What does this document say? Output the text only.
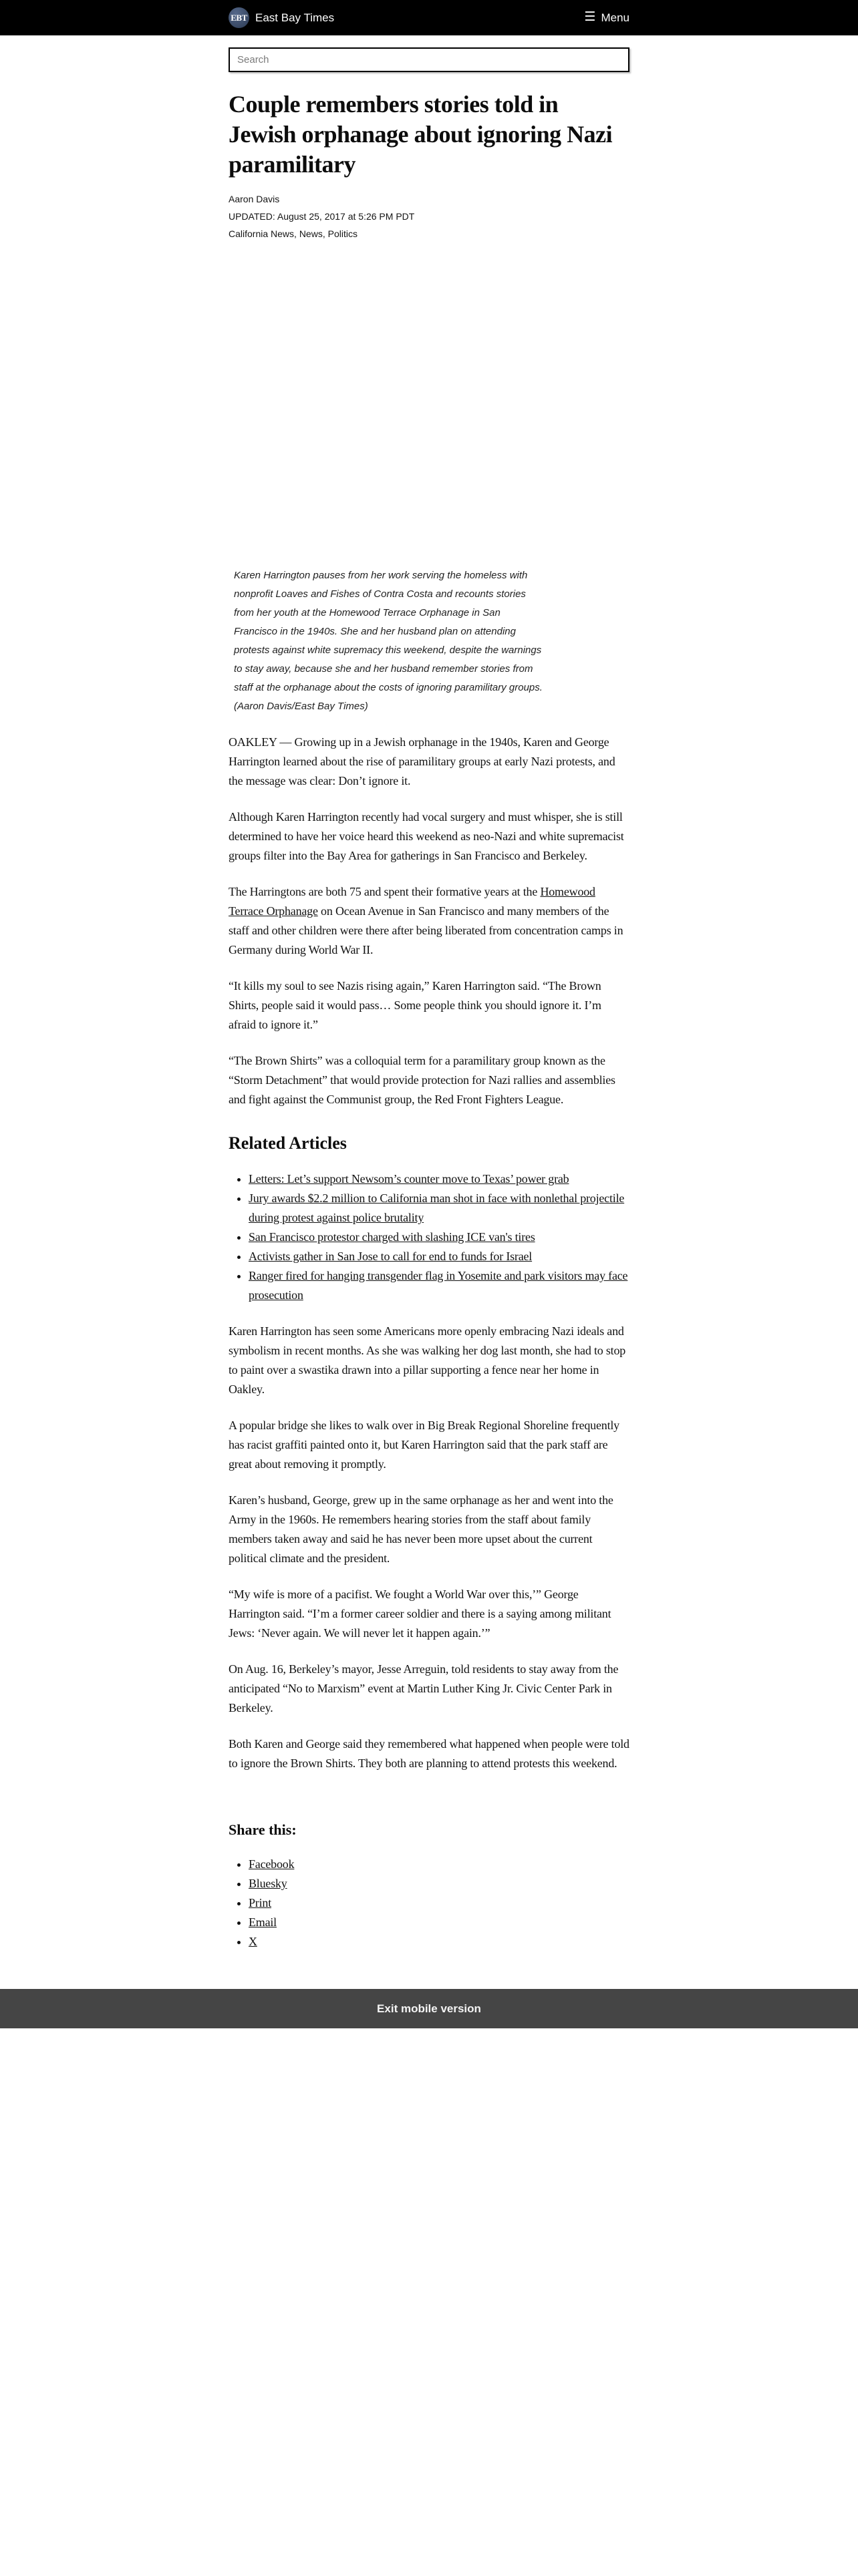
EBT East Bay Times	☰ Menu
Search
Couple remembers stories told in Jewish orphanage about ignoring Nazi paramilitary

Aaron Davis

UPDATED: August 25, 2017 at 5:26 PM PDT

California News, News, Politics

Karen Harrington pauses from her work serving the homeless with nonprofit Loaves and Fishes of Contra Costa and recounts stories from her youth at the Homewood Terrace Orphanage in San Francisco in the 1940s. She and her husband plan on attending protests against white supremacy this weekend, despite the warnings to stay away, because she and her husband remember stories from staff at the orphanage about the costs of ignoring paramilitary groups. (Aaron Davis/East Bay Times)

OAKLEY — Growing up in a Jewish orphanage in the 1940s, Karen and George Harrington learned about the rise of paramilitary groups at early Nazi protests, and the message was clear: Don’t ignore it.

Although Karen Harrington recently had vocal surgery and must whisper, she is still determined to have her voice heard this weekend as neo-Nazi and white supremacist groups filter into the Bay Area for gatherings in San Francisco and Berkeley.

The Harringtons are both 75 and spent their formative years at the Homewood Terrace Orphanage on Ocean Avenue in San Francisco and many members of the staff and other children were there after being liberated from concentration camps in Germany during World War II.

“It kills my soul to see Nazis rising again,” Karen Harrington said. “The Brown Shirts, people said it would pass… Some people think you should ignore it. I’m afraid to ignore it.”

“The Brown Shirts” was a colloquial term for a paramilitary group known as the “Storm Detachment” that would provide protection for Nazi rallies and assemblies and fight against the Communist group, the Red Front Fighters League.

Related Articles
• Letters: Let’s support Newsom’s counter move to Texas’ power grab
• Jury awards $2.2 million to California man shot in face with nonlethal projectile during protest against police brutality
• San Francisco protestor charged with slashing ICE van's tires
• Activists gather in San Jose to call for end to funds for Israel
• Ranger fired for hanging transgender flag in Yosemite and park visitors may face prosecution

Karen Harrington has seen some Americans more openly embracing Nazi ideals and symbolism in recent months. As she was walking her dog last month, she had to stop to paint over a swastika drawn into a pillar supporting a fence near her home in Oakley.

A popular bridge she likes to walk over in Big Break Regional Shoreline frequently has racist graffiti painted onto it, but Karen Harrington said that the park staff are great about removing it promptly.

Karen’s husband, George, grew up in the same orphanage as her and went into the Army in the 1960s. He remembers hearing stories from the staff about family members taken away and said he has never been more upset about the current political climate and the president.

“My wife is more of a pacifist. We fought a World War over this,’” George Harrington said. “I’m a former career soldier and there is a saying among militant Jews: ‘Never again. We will never let it happen again.’”

On Aug. 16, Berkeley’s mayor, Jesse Arreguin, told residents to stay away from the anticipated “No to Marxism” event at Martin Luther King Jr. Civic Center Park in Berkeley.

Both Karen and George said they remembered what happened when people were told to ignore the Brown Shirts. They both are planning to attend protests this weekend.

Share this:
• Facebook
• Bluesky
• Print
• Email
• X
Exit mobile version
